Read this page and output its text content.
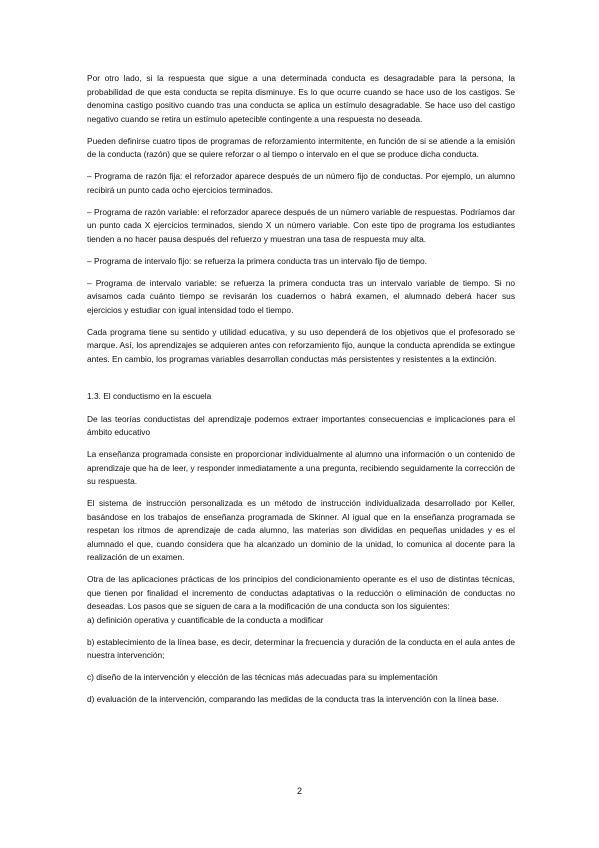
Por otro lado, si la respuesta que sigue a una determinada conducta es desagradable para la persona, la probabilidad de que esta conducta se repita disminuye. Es lo que ocurre cuando se hace uso de los castigos. Se denomina castigo positivo cuando tras una conducta se aplica un estímulo desagradable. Se hace uso del castigo negativo cuando se retira un estímulo apetecible contingente a una respuesta no deseada.

Pueden definirse cuatro tipos de programas de reforzamiento intermitente, en función de si se atiende a la emisión de la conducta (razón) que se quiere reforzar o al tiempo o intervalo en el que se produce dicha conducta.

– Programa de razón fija: el reforzador aparece después de un número fijo de conductas. Por ejemplo, un alumno recibirá un punto cada ocho ejercicios terminados.

– Programa de razón variable: el reforzador aparece después de un número variable de respuestas. Podríamos dar un punto cada X ejercicios terminados, siendo X un número variable. Con este tipo de programa los estudiantes tienden a no hacer pausa después del refuerzo y muestran una tasa de respuesta muy alta.

– Programa de intervalo fijo: se refuerza la primera conducta tras un intervalo fijo de tiempo.

– Programa de intervalo variable: se refuerza la primera conducta tras un intervalo variable de tiempo. Si no avisamos cada cuánto tiempo se revisarán los cuadernos o habrá examen, el alumnado deberá hacer sus ejercicios y estudiar con igual intensidad todo el tiempo.

Cada programa tiene su sentido y utilidad educativa, y su uso dependerá de los objetivos que el profesorado se marque. Así, los aprendizajes se adquieren antes con reforzamiento fijo, aunque la conducta aprendida se extingue antes. En cambio, los programas variables desarrollan conductas más persistentes y resistentes a la extinción.

1.3. El conductismo en la escuela

De las teorías conductistas del aprendizaje podemos extraer importantes consecuencias e implicaciones para el ámbito educativo

La enseñanza programada consiste en proporcionar individualmente al alumno una información o un contenido de aprendizaje que ha de leer, y responder inmediatamente a una pregunta, recibiendo seguidamente la corrección de su respuesta.

El sistema de instrucción personalizada es un método de instrucción individualizada desarrollado por Keller, basándose en los trabajos de enseñanza programada de Skinner. Al igual que en la enseñanza programada se respetan los ritmos de aprendizaje de cada alumno, las materias son divididas en pequeñas unidades y es el alumnado el que, cuando considera que ha alcanzado un dominio de la unidad, lo comunica al docente para la realización de un examen.

Otra de las aplicaciones prácticas de los principios del condicionamiento operante es el uso de distintas técnicas, que tienen por finalidad el incremento de conductas adaptativas o la reducción o eliminación de conductas no deseadas. Los pasos que se siguen de cara a la modificación de una conducta son los siguientes:

a) definición operativa y cuantificable de la conducta a modificar

b) establecimiento de la línea base, es decir, determinar la frecuencia y duración de la conducta en el aula antes de nuestra intervención;

c) diseño de la intervención y elección de las técnicas más adecuadas para su implementación

d) evaluación de la intervención, comparando las medidas de la conducta tras la intervención con la línea base.

2
